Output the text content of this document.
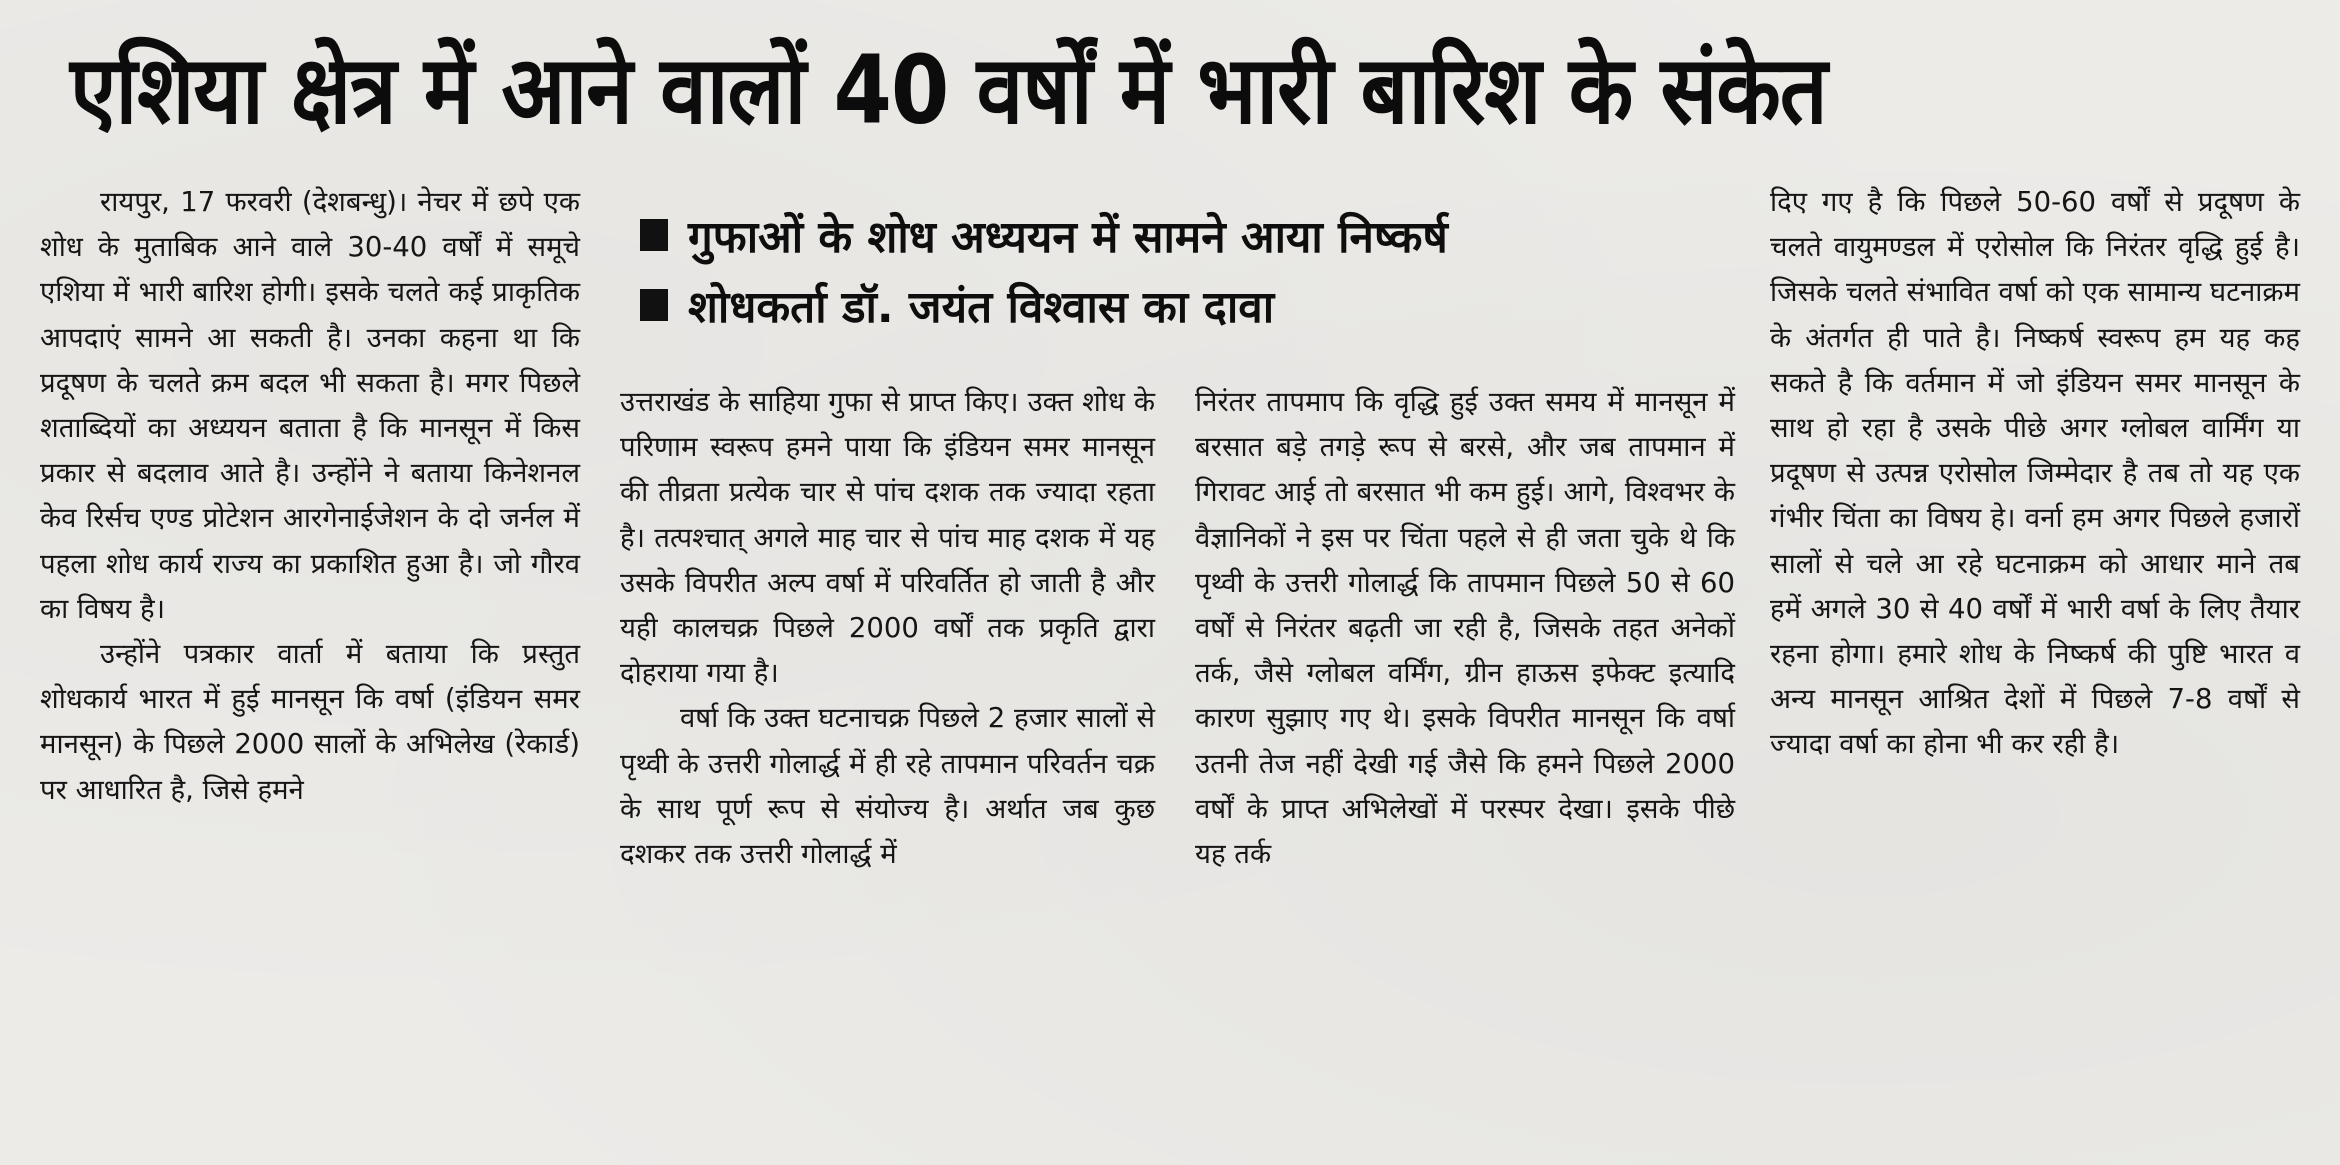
एशिया क्षेत्र में आने वालों 40 वर्षों में भारी बारिश के संकेत
गुफाओं के शोध अध्ययन में सामने आया निष्कर्ष
शोधकर्ता डॉ. जयंत विश्वास का दावा

रायपुर, 17 फरवरी (देशबन्धु)। नेचर में छपे एक शोध के मुताबिक आने वाले 30-40 वर्षों में समूचे एशिया में भारी बारिश होगी। इसके चलते कई प्राकृतिक आपदाएं सामने आ सकती है। उनका कहना था कि प्रदूषण के चलते क्रम बदल भी सकता है। मगर पिछले शताब्दियों का अध्ययन बताता है कि मानसून में किस प्रकार से बदलाव आते है। उन्होंने ने बताया किनेशनल केव रिर्सच एण्ड प्रोटेशन आरगेनाईजेशन के दो जर्नल में पहला शोध कार्य राज्य का प्रकाशित हुआ है। जो गौरव का विषय है।

उन्होंने पत्रकार वार्ता में बताया कि प्रस्तुत शोधकार्य भारत में हुई मानसून कि वर्षा (इंडियन समर मानसून) के पिछले 2000 सालों के अभिलेख (रेकार्ड) पर आधारित है, जिसे हमने

उत्तराखंड के साहिया गुफा से प्राप्त किए। उक्त शोध के परिणाम स्वरूप हमने पाया कि इंडियन समर मानसून की तीव्रता प्रत्येक चार से पांच दशक तक ज्यादा रहता है। तत्पश्चात् अगले माह चार से पांच माह दशक में यह उसके विपरीत अल्प वर्षा में परिवर्तित हो जाती है और यही कालचक्र पिछले 2000 वर्षों तक प्रकृति द्वारा दोहराया गया है।

वर्षा कि उक्त घटनाचक्र पिछले 2 हजार सालों से पृथ्वी के उत्तरी गोलार्द्ध में ही रहे तापमान परिवर्तन चक्र के साथ पूर्ण रूप से संयोज्य है। अर्थात जब कुछ दशकर तक उत्तरी गोलार्द्ध में

निरंतर तापमाप कि वृद्धि हुई उक्त समय में मानसून में बरसात बड़े तगड़े रूप से बरसे, और जब तापमान में गिरावट आई तो बरसात भी कम हुई। आगे, विश्वभर के वैज्ञानिकों ने इस पर चिंता पहले से ही जता चुके थे कि पृथ्वी के उत्तरी गोलार्द्ध कि तापमान पिछले 50 से 60 वर्षों से निरंतर बढ़ती जा रही है, जिसके तहत अनेकों तर्क, जैसे ग्लोबल वर्मिंग, ग्रीन हाऊस इफेक्ट इत्यादि कारण सुझाए गए थे। इसके विपरीत मानसून कि वर्षा उतनी तेज नहीं देखी गई जैसे कि हमने पिछले 2000 वर्षों के प्राप्त अभिलेखों में परस्पर देखा। इसके पीछे यह तर्क

दिए गए है कि पिछले 50-60 वर्षों से प्रदूषण के चलते वायुमण्डल में एरोसोल कि निरंतर वृद्धि हुई है। जिसके चलते संभावित वर्षा को एक सामान्य घटनाक्रम के अंतर्गत ही पाते है। निष्कर्ष स्वरूप हम यह कह सकते है कि वर्तमान में जो इंडियन समर मानसून के साथ हो रहा है उसके पीछे अगर ग्लोबल वार्मिंग या प्रदूषण से उत्पन्न एरोसोल जिम्मेदार है तब तो यह एक गंभीर चिंता का विषय हे। वर्ना हम अगर पिछले हजारों सालों से चले आ रहे घटनाक्रम को आधार माने तब हमें अगले 30 से 40 वर्षों में भारी वर्षा के लिए तैयार रहना होगा। हमारे शोध के निष्कर्ष की पुष्टि भारत व अन्य मानसून आश्रित देशों में पिछले 7-8 वर्षों से ज्यादा वर्षा का होना भी कर रही है।
